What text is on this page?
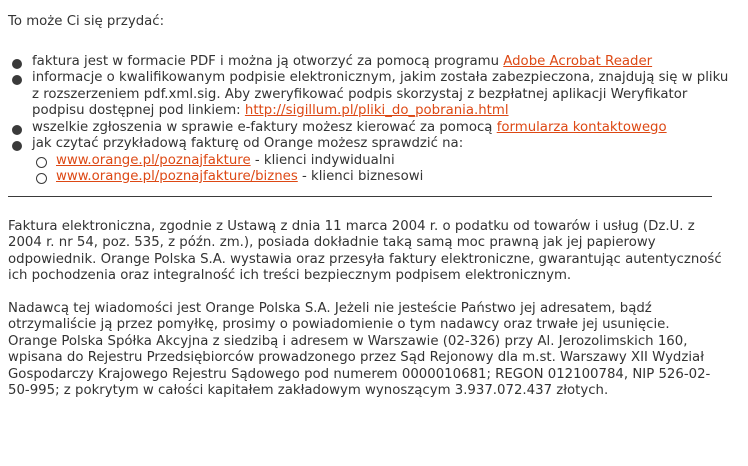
To może Ci się przydać:

faktura jest w formacie PDF i można ją otworzyć za pomocą programu Adobe Acrobat Reader
informacje o kwalifikowanym podpisie elektronicznym, jakim została zabezpieczona, znajdują się w pliku
z rozszerzeniem pdf.xml.sig. Aby zweryfikować podpis skorzystaj z bezpłatnej aplikacji Weryfikator podpisu dostępnej pod linkiem: http://sigillum.pl/pliki_do_pobrania.html
wszelkie zgłoszenia w sprawie e-faktury możesz kierować za pomocą formularza kontaktowego
jak czytać przykładową fakturę od Orange możesz sprawdzić na:
www.orange.pl/poznajfakture - klienci indywidualni
www.orange.pl/poznajfakture/biznes - klienci biznesowi

Faktura elektroniczna, zgodnie z Ustawą z dnia 11 marca 2004 r. o podatku od towarów i usług (Dz.U. z 2004 r. nr 54, poz. 535, z późn. zm.), posiada dokładnie taką samą moc prawną jak jej papierowy odpowiednik. Orange Polska S.A. wystawia oraz przesyła faktury elektroniczne, gwarantując autentyczność ich pochodzenia oraz integralność ich treści bezpiecznym podpisem elektronicznym.

Nadawcą tej wiadomości jest Orange Polska S.A. Jeżeli nie jesteście Państwo jej adresatem, bądź otrzymaliście ją przez pomyłkę, prosimy o powiadomienie o tym nadawcy oraz trwałe jej usunięcie.

Orange Polska Spółka Akcyjna z siedzibą i adresem w Warszawie (02-326) przy Al. Jerozolimskich 160, wpisana do Rejestru Przedsiębiorców prowadzonego przez Sąd Rejonowy dla m.st. Warszawy XII Wydział Gospodarczy Krajowego Rejestru Sądowego pod numerem 0000010681; REGON 012100784, NIP 526-02-50-995; z pokrytym w całości kapitałem zakładowym wynoszącym 3.937.072.437 złotych.
